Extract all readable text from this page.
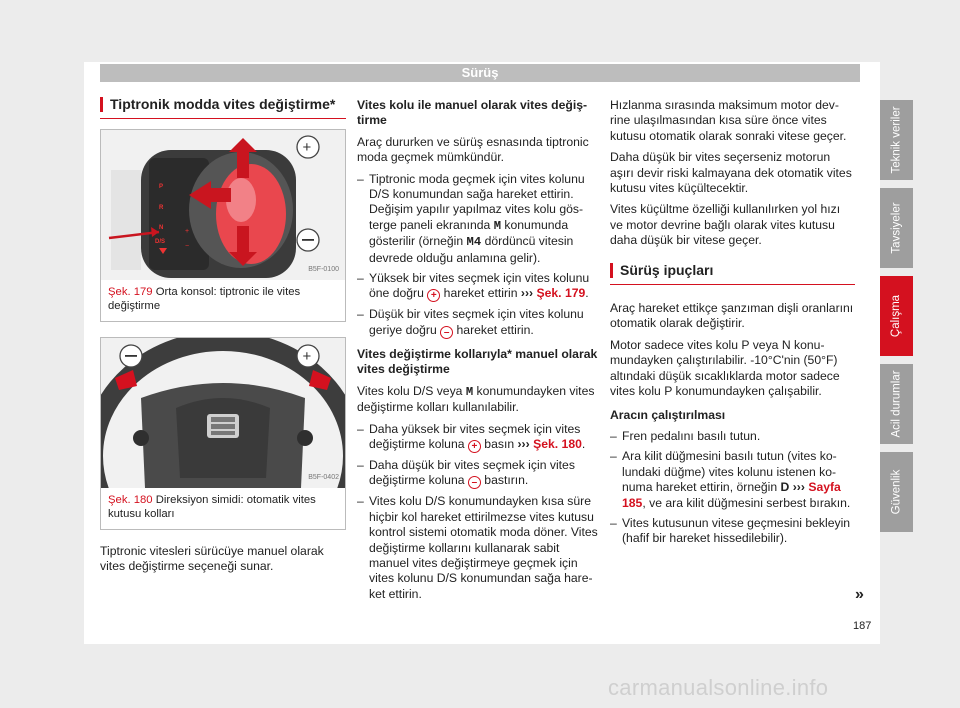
Sürüş
Tiptronik modda vites değiştirme*
P
R
N
D/S
+
−
+
B5F-0100
Şek. 179 Orta konsol: tiptronic ile vites değiştirme
+
B5F-0402
Şek. 180 Direksiyon simidi: otomatik vites kutusu kolları

Tiptronic vitesleri sürücüye manuel olarak vites değiştirme seçeneği sunar.

Vites kolu ile manuel olarak vites değiştirme

Araç dururken ve sürüş esnasında tiptronic moda geçmek mümkündür.

– Tiptronic moda geçmek için vites kolunu D/S konumundan sağa hareket ettirin. Değişim yapılır yapılmaz vites kolu gösterge paneli ekranında M konumunda gösterilir (örneğin M4 dördüncü vitesin devrede olduğu anlamına gelir).
– Yüksek bir vites seçmek için vites kolunu öne doğru + hareket ettirin ››› Şek. 179.
– Düşük bir vites seçmek için vites kolunu geriye doğru – hareket ettirin.

Vites değiştirme kollarıyla* manuel olarak vites değiştirme

Vites kolu D/S veya M konumundayken vites değiştirme kolları kullanılabilir.

– Daha yüksek bir vites seçmek için vites değiştirme koluna + basın ››› Şek. 180.
– Daha düşük bir vites seçmek için vites değiştirme koluna – bastırın.
– Vites kolu D/S konumundayken kısa süre hiçbir kol hareket ettirilmezse vites kutusu kontrol sistemi otomatik moda döner. Vites değiştirme kollarını kullanarak sabit manuel vites değiştirmeye geçmek için vites kolunu D/S konumundan sağa hareket ettirin.

Hızlanma sırasında maksimum motor devrine ulaşılmasından kısa süre önce vites kutusu otomatik olarak sonraki vitese geçer.

Daha düşük bir vites seçerseniz motorun aşırı devir riski kalmayana dek otomatik vites kutusu vites küçültecektir.

Vites küçültme özelliği kullanılırken yol hızı ve motor devrine bağlı olarak vites kutusu daha düşük bir vitese geçer.

Sürüş ipuçları

Araç hareket ettikçe şanzıman dişli oranlarını otomatik olarak değiştirir.

Motor sadece vites kolu P veya N konumundayken çalıştırılabilir. -10°C'nin (50°F) altındaki düşük sıcaklıklarda motor sadece vites kolu P konumundayken çalışabilir.

Aracın çalıştırılması

– Fren pedalını basılı tutun.
– Ara kilit düğmesini basılı tutun (vites kolundaki düğme) vites kolunu istenen konuma hareket ettirin, örneğin D ››› Sayfa 185, ve ara kilit düğmesini serbest bırakın.
– Vites kutusunun vitese geçmesini bekleyin (hafif bir hareket hissedilebilir).
Teknik veriler
Tavsiyeler
Çalışma
Acil durumlar
Güvenlik
»
187
carmanualsonline.info
